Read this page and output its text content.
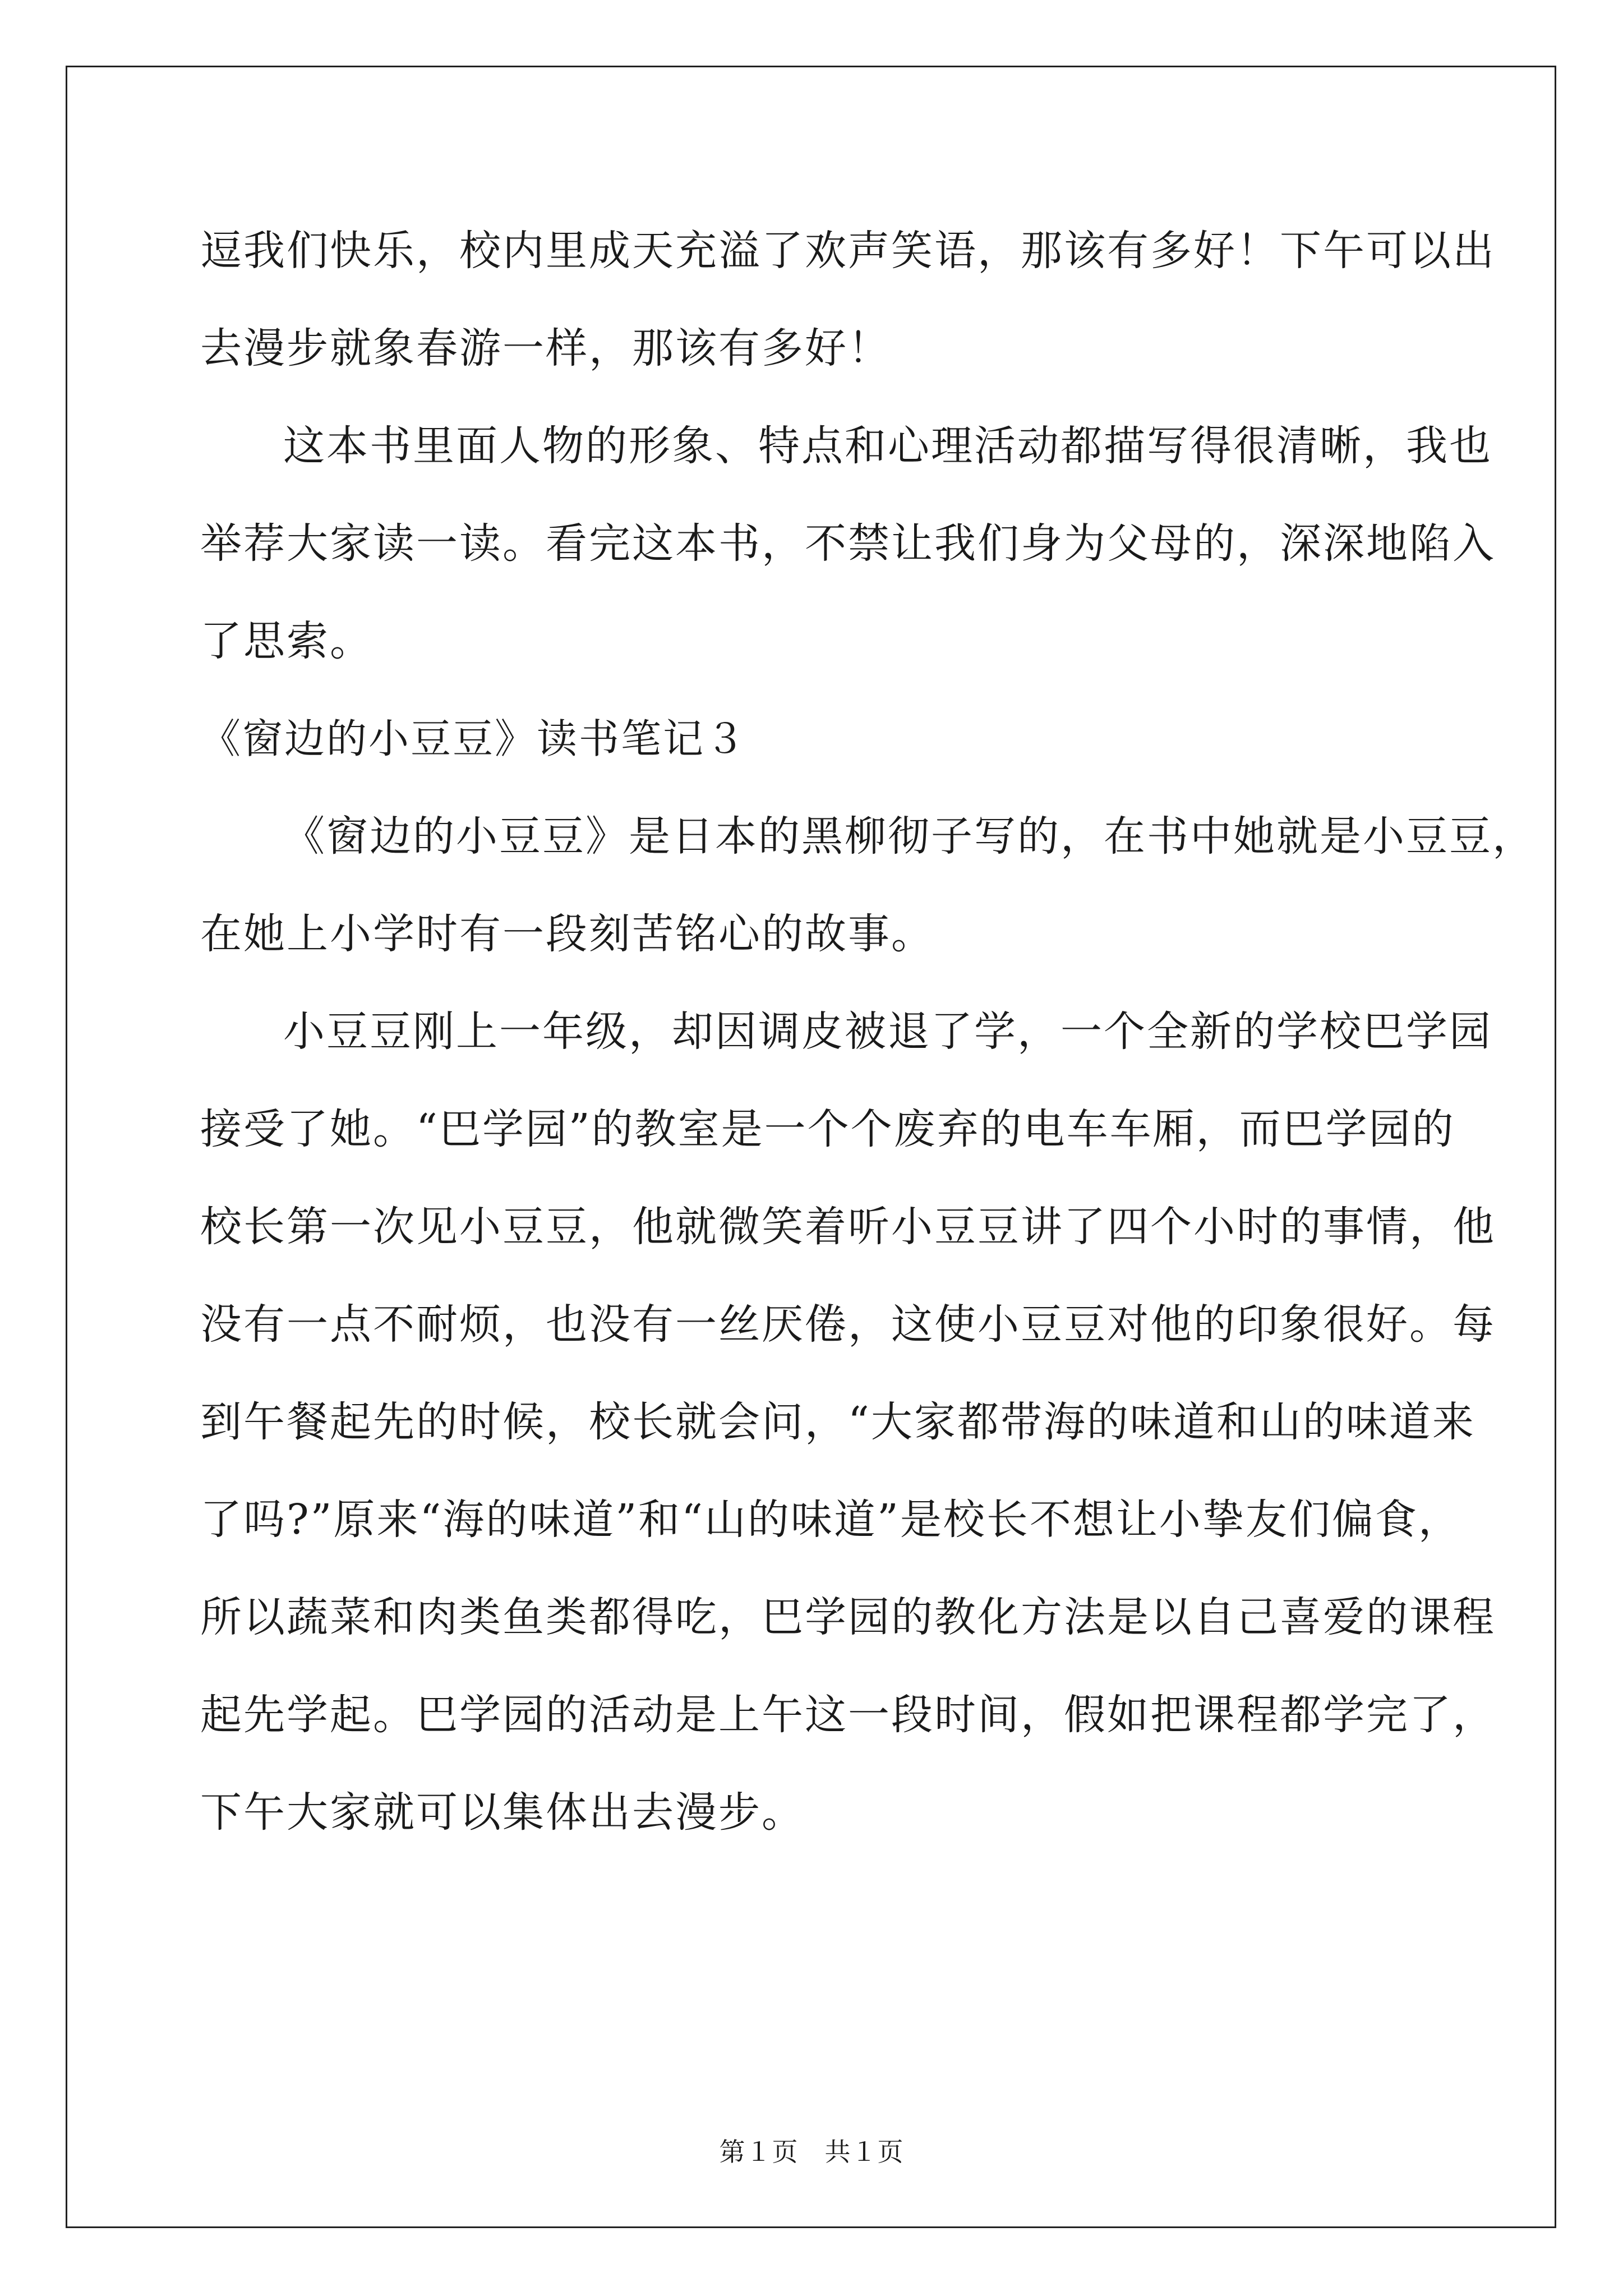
逗我们快乐，校内里成天充溢了欢声笑语，那该有多好！下午可以出
去漫步就象春游一样，那该有多好！
这本书里面人物的形象、特点和心理活动都描写得很清晰，我也
举荐大家读一读。看完这本书，不禁让我们身为父母的，深深地陷入
了思索。
《窗边的小豆豆》读书笔记３
《窗边的小豆豆》是日本的黑柳彻子写的，在书中她就是小豆豆，
在她上小学时有一段刻苦铭心的故事。
小豆豆刚上一年级，却因调皮被退了学，一个全新的学校巴学园
接受了她。“巴学园”的教室是一个个废弃的电车车厢，而巴学园的
校长第一次见小豆豆，他就微笑着听小豆豆讲了四个小时的事情，他
没有一点不耐烦，也没有一丝厌倦，这使小豆豆对他的印象很好。每
到午餐起先的时候，校长就会问，“大家都带海的味道和山的味道来
了吗?”原来“海的味道”和“山的味道”是校长不想让小挚友们偏食，
所以蔬菜和肉类鱼类都得吃，巴学园的教化方法是以自己喜爱的课程
起先学起。巴学园的活动是上午这一段时间，假如把课程都学完了，
下午大家就可以集体出去漫步。
第１页　共１页
